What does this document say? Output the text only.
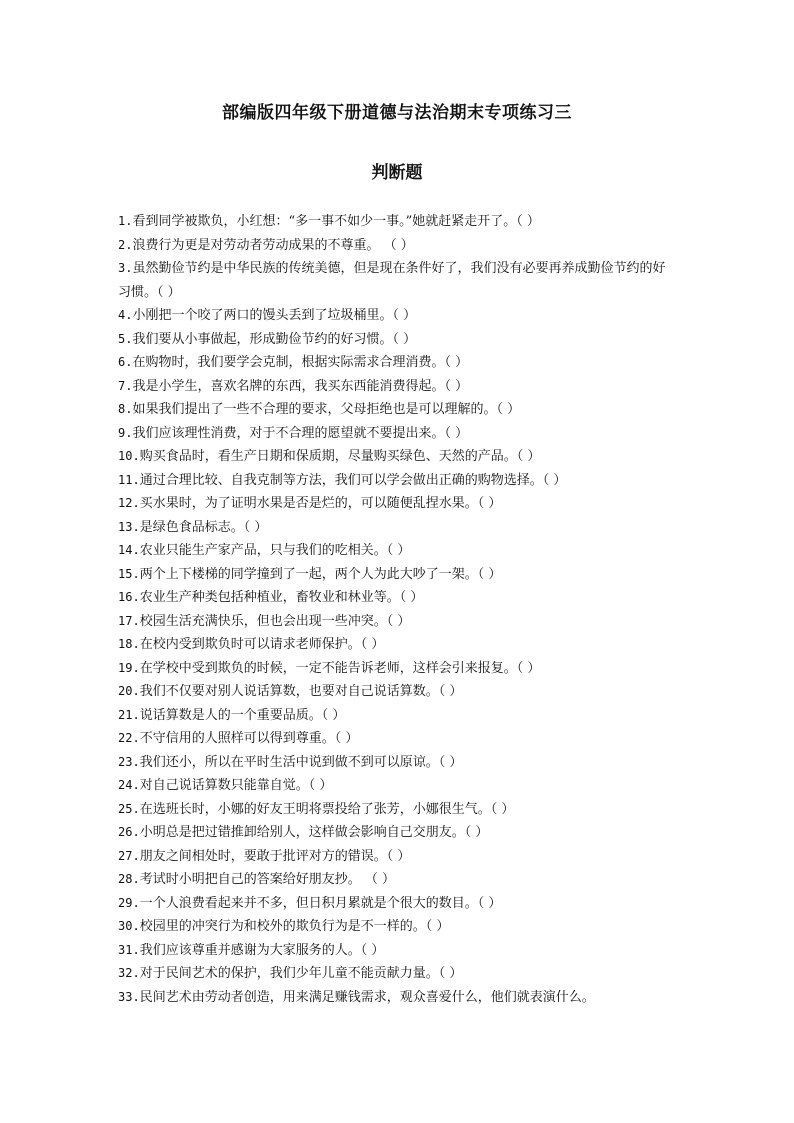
部编版四年级下册道德与法治期末专项练习三
判断题
1.看到同学被欺负，小红想：“多一事不如少一事。”她就赶紧走开了。（ ）
2.浪费行为更是对劳动者劳动成果的不尊重。 （ ）
3.虽然勤俭节约是中华民族的传统美德，但是现在条件好了，我们没有必要再养成勤俭节约的好习惯。（ ）
4.小刚把一个咬了两口的馒头丢到了垃圾桶里。（ ）
5.我们要从小事做起，形成勤俭节约的好习惯。（ ）
6.在购物时，我们要学会克制，根据实际需求合理消费。（ ）
7.我是小学生，喜欢名牌的东西，我买东西能消费得起。（ ）
8.如果我们提出了一些不合理的要求，父母拒绝也是可以理解的。（ ）
9.我们应该理性消费，对于不合理的愿望就不要提出来。（ ）
10.购买食品时，看生产日期和保质期，尽量购买绿色、天然的产品。（ ）
11.通过合理比较、自我克制等方法，我们可以学会做出正确的购物选择。（ ）
12.买水果时，为了证明水果是否是烂的，可以随便乱捏水果。（ ）
13.是绿色食品标志。（ ）
14.农业只能生产家产品，只与我们的吃相关。（ ）
15.两个上下楼梯的同学撞到了一起，两个人为此大吵了一架。（ ）
16.农业生产种类包括种植业，畜牧业和林业等。（ ）
17.校园生活充满快乐，但也会出现一些冲突。（ ）
18.在校内受到欺负时可以请求老师保护。（ ）
19.在学校中受到欺负的时候，一定不能告诉老师，这样会引来报复。（ ）
20.我们不仅要对别人说话算数，也要对自己说话算数。（ ）
21.说话算数是人的一个重要品质。（ ）
22.不守信用的人照样可以得到尊重。（ ）
23.我们还小，所以在平时生活中说到做不到可以原谅。（ ）
24.对自己说话算数只能靠自觉。（ ）
25.在选班长时，小娜的好友王明将票投给了张芳，小娜很生气。（ ）
26.小明总是把过错推卸给别人，这样做会影响自己交朋友。（ ）
27.朋友之间相处时，要敢于批评对方的错误。（ ）
28.考试时小明把自己的答案给好朋友抄。 （ ）
29.一个人浪费看起来并不多，但日积月累就是个很大的数目。（ ）
30.校园里的冲突行为和校外的欺负行为是不一样的。（ ）
31.我们应该尊重并感谢为大家服务的人。（ ）
32.对于民间艺术的保护，我们少年儿童不能贡献力量。（ ）
33.民间艺术由劳动者创造，用来满足赚钱需求，观众喜爱什么，他们就表演什么。
